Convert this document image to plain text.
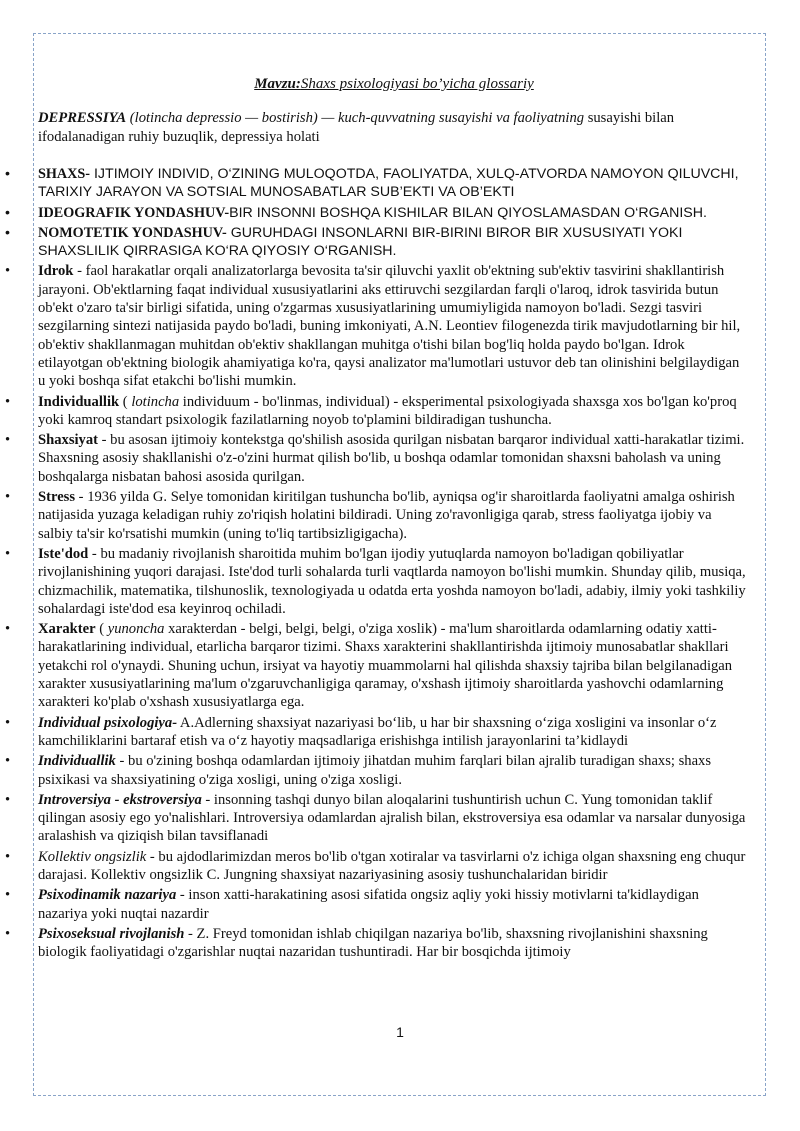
Mavzu:Shaxs psixologiyasi bo’yicha glossariy

DEPRESSIYA (lotincha depressio — bostirish) — kuch-quvvatning susayishi va faoliyatning susayishi bilan ifodalanadigan ruhiy buzuqlik, depressiya holati

• SHAXS- IJTIMOIY INDIVID, O‘ZINING MULOQOTDA, FAOLIYATDA, XULQ-ATVORDA NAMOYON QILUVCHI, TARIXIY JARAYON VA SOTSIAL MUNOSABATLAR SUB’EKTI VA OB’EKTI
• IDEOGRAFIK YONDASHUV-BIR INSONNI BOSHQA KISHILAR BILAN QIYOSLAMASDAN O‘RGANISH.
• NOMOTETIK YONDASHUV- GURUHDAGI INSONLARNI BIR-BIRINI BIROR BIR XUSUSIYATI YOKI SHAXSLILIK QIRRASIGA KO‘RA QIYOSIY O‘RGANISH.
• Idrok - faol harakatlar orqali analizatorlarga bevosita ta'sir qiluvchi yaxlit ob'ektning sub'ektiv tasvirini shakllantirish jarayoni. Ob'ektlarning faqat individual xususiyatlarini aks ettiruvchi sezgilardan farqli o'laroq, idrok tasvirida butun ob'ekt o'zaro ta'sir birligi sifatida, uning o'zgarmas xususiyatlarining umumiyligida namoyon bo'ladi. Sezgi tasviri sezgilarning sintezi natijasida paydo bo'ladi, buning imkoniyati, A.N. Leontiev filogenezda tirik mavjudotlarning bir hil, ob'ektiv shakllanmagan muhitdan ob'ektiv shakllangan muhitga o'tishi bilan bog'liq holda paydo bo'lgan. Idrok etilayotgan ob'ektning biologik ahamiyatiga ko'ra, qaysi analizator ma'lumotlari ustuvor deb tan olinishini belgilaydigan u yoki boshqa sifat etakchi bo'lishi mumkin.
• Individuallik ( lotincha individuum - bo'linmas, individual) - eksperimental psixologiyada shaxsga xos bo'lgan ko'proq yoki kamroq standart psixologik fazilatlarning noyob to'plamini bildiradigan tushuncha.
• Shaxsiyat - bu asosan ijtimoiy kontekstga qo'shilish asosida qurilgan nisbatan barqaror individual xatti-harakatlar tizimi. Shaxsning asosiy shakllanishi o'z-o'zini hurmat qilish bo'lib, u boshqa odamlar tomonidan shaxsni baholash va uning boshqalarga nisbatan bahosi asosida qurilgan.
• Stress - 1936 yilda G. Selye tomonidan kiritilgan tushuncha bo'lib, ayniqsa og'ir sharoitlarda faoliyatni amalga oshirish natijasida yuzaga keladigan ruhiy zo'riqish holatini bildiradi. Uning zo'ravonligiga qarab, stress faoliyatga ijobiy va salbiy ta'sir ko'rsatishi mumkin (uning to'liq tartibsizligigacha).
• Iste'dod - bu madaniy rivojlanish sharoitida muhim bo'lgan ijodiy yutuqlarda namoyon bo'ladigan qobiliyatlar rivojlanishining yuqori darajasi. Iste'dod turli sohalarda turli vaqtlarda namoyon bo'lishi mumkin. Shunday qilib, musiqa, chizmachilik, matematika, tilshunoslik, texnologiyada u odatda erta yoshda namoyon bo'ladi, adabiy, ilmiy yoki tashkiliy sohalardagi iste'dod esa keyinroq ochiladi.
• Xarakter ( yunoncha xarakterdan - belgi, belgi, belgi, o'ziga xoslik) - ma'lum sharoitlarda odamlarning odatiy xatti-harakatlarining individual, etarlicha barqaror tizimi. Shaxs xarakterini shakllantirishda ijtimoiy munosabatlar shakllari yetakchi rol o'ynaydi. Shuning uchun, irsiyat va hayotiy muammolarni hal qilishda shaxsiy tajriba bilan belgilanadigan xarakter xususiyatlarining ma'lum o'zgaruvchanligiga qaramay, o'xshash ijtimoiy sharoitlarda yashovchi odamlarning xarakteri ko'plab o'xshash xususiyatlarga ega.
• Individual psixologiya- A.Adlerning shaxsiyat nazariyasi bo‘lib, u har bir shaxsning o‘ziga xosligini va insonlar o‘z kamchiliklarini bartaraf etish va o‘z hayotiy maqsadlariga erishishga intilish jarayonlarini ta’kidlaydi
• Individuallik - bu o'zining boshqa odamlardan ijtimoiy jihatdan muhim farqlari bilan ajralib turadigan shaxs; shaxs psixikasi va shaxsiyatining o'ziga xosligi, uning o'ziga xosligi.
• Introversiya - ekstroversiya - insonning tashqi dunyo bilan aloqalarini tushuntirish uchun C. Yung tomonidan taklif qilingan asosiy ego yo'nalishlari. Introversiya odamlardan ajralish bilan, ekstroversiya esa odamlar va narsalar dunyosiga aralashish va qiziqish bilan tavsiflanadi
• Kollektiv ongsizlik - bu ajdodlarimizdan meros bo'lib o'tgan xotiralar va tasvirlarni o'z ichiga olgan shaxsning eng chuqur darajasi. Kollektiv ongsizlik C. Jungning shaxsiyat nazariyasining asosiy tushunchalaridan biridir
• Psixodinamik nazariya - inson xatti-harakatining asosi sifatida ongsiz aqliy yoki hissiy motivlarni ta'kidlaydigan nazariya yoki nuqtai nazardir
• Psixoseksual rivojlanish - Z. Freyd tomonidan ishlab chiqilgan nazariya bo'lib, shaxsning rivojlanishini shaxsning biologik faoliyatidagi o'zgarishlar nuqtai nazaridan tushuntiradi. Har bir bosqichda ijtimoiy
1
